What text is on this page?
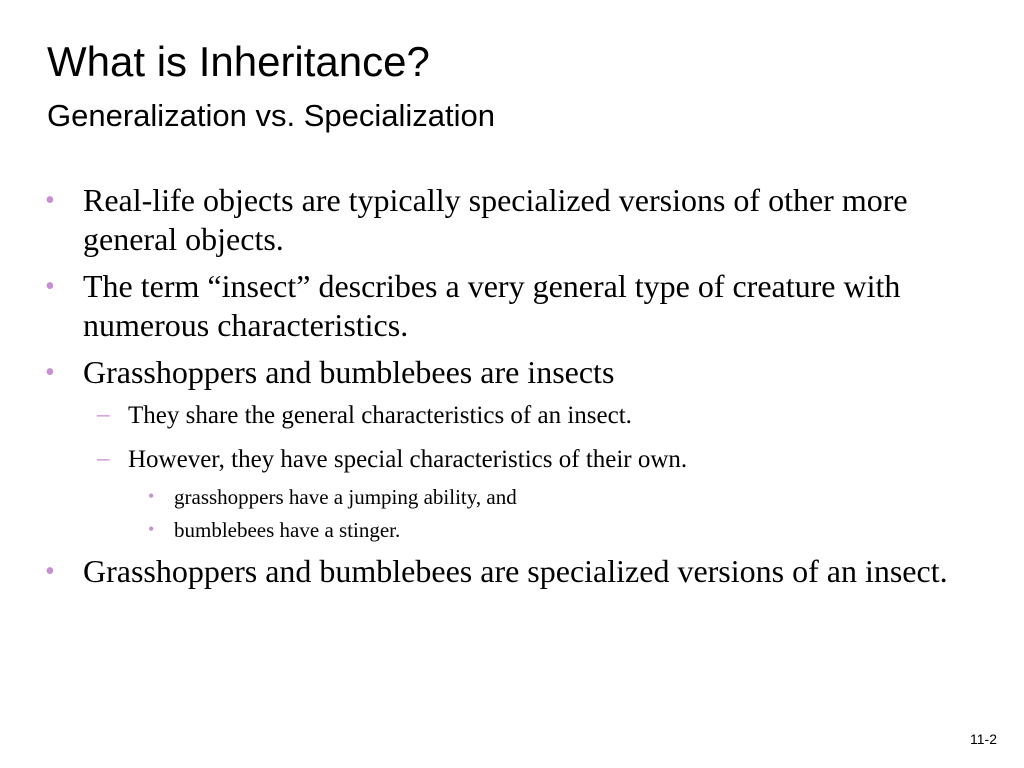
What is Inheritance?
Generalization vs. Specialization
• Real-life objects are typically specialized versions of other more general objects.
• The term “insect” describes a very general type of creature with numerous characteristics.
• Grasshoppers and bumblebees are insects
– They share the general characteristics of an insect.
– However, they have special characteristics of their own.
• grasshoppers have a jumping ability, and
• bumblebees have a stinger.
• Grasshoppers and bumblebees are specialized versions of an insect.
11-2
